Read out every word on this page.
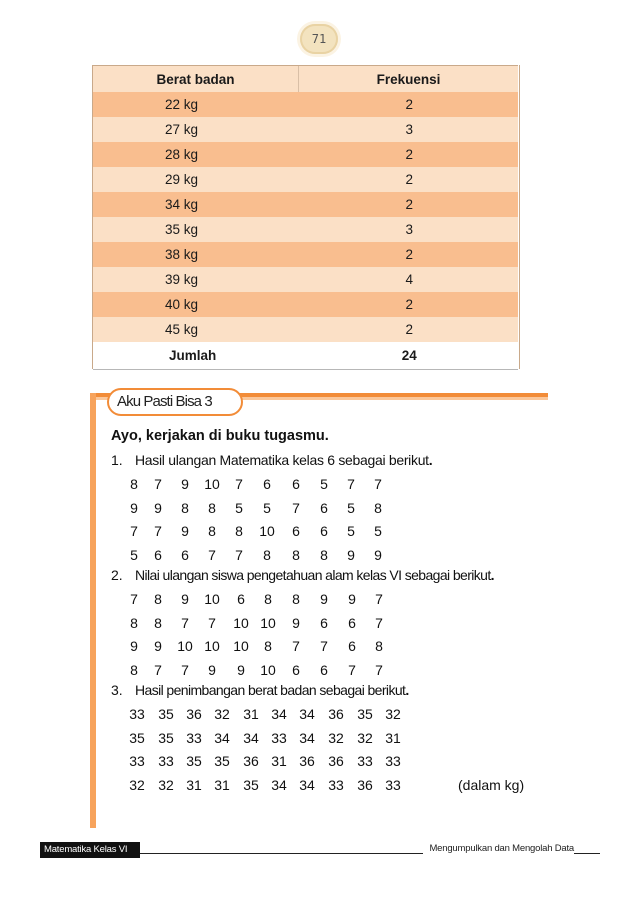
71
Berat badan	Frekuensi
22 kg	2
27 kg	3
28 kg	2
29 kg	2
34 kg	2
35 kg	3
38 kg	2
39 kg	4
40 kg	2
45 kg	2
Jumlah	24
Aku Pasti Bisa 3
Ayo, kerjakan di buku tugasmu.
1. Hasil ulangan Matematika kelas 6 sebagai berikut.
8 7 9 10 7 6 6 5 7 7
9 9 8 8 5 5 7 6 5 8
7 7 9 8 8 10 6 6 5 5
5 6 6 7 7 8 8 8 9 9
2. Nilai ulangan siswa pengetahuan alam kelas VI sebagai berikut.
7 8 9 10 6 8 8 9 9 7
8 8 7 7 10 10 9 6 6 7
9 9 10 10 10 8 7 7 6 8
8 7 7 9 9 10 6 6 7 7
3. Hasil penimbangan berat badan sebagai berikut.
33 35 36 32 31 34 34 36 35 32
35 35 33 34 34 33 34 32 32 31
33 33 35 35 36 31 36 36 33 33
32 32 31 31 35 34 34 33 36 33	(dalam kg)
Matematika Kelas VI	Mengumpulkan dan Mengolah Data
